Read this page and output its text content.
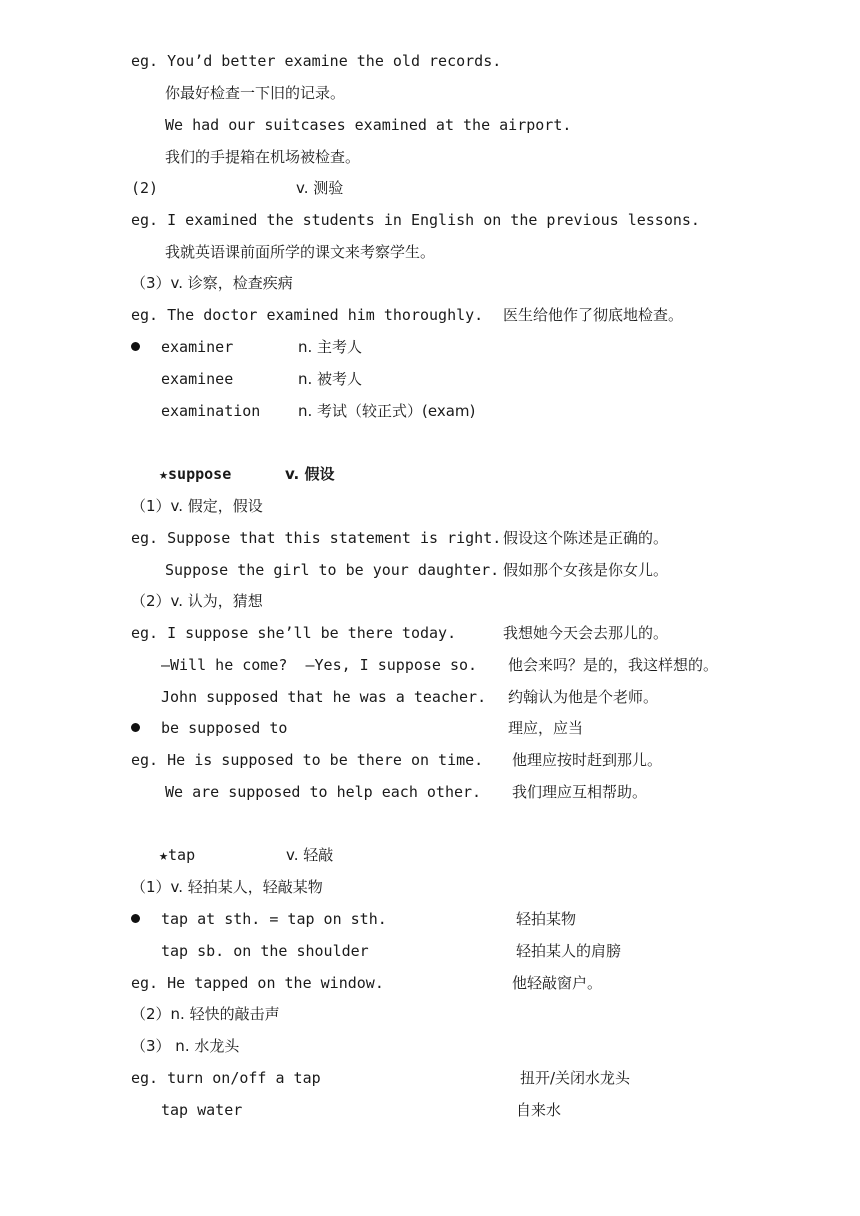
eg. You’d better examine the old records.
你最好检查一下旧的记录。
We had our suitcases examined at the airport.
我们的手提箱在机场被检查。
(2)	v. 测验
eg. I examined the students in English on the previous lessons.
我就英语课前面所学的课文来考察学生。
（3）v. 诊察，检查疾病
eg. The doctor examined him thoroughly. 医生给他作了彻底地检查。
examiner	n. 主考人
examinee	n. 被考人
examination	n. 考试（较正式）(exam)
★suppose	v. 假设
（1）v. 假定，假设
eg. Suppose that this statement is right. 假设这个陈述是正确的。
Suppose the girl to be your daughter. 假如那个女孩是你女儿。
（2）v. 认为，猜想
eg. I suppose she’ll be there today.	我想她今天会去那儿的。
—Will he come?  —Yes, I suppose so. 他会来吗？是的，我这样想的。
John supposed that he was a teacher. 约翰认为他是个老师。
be supposed to	理应，应当
eg. He is supposed to be there on time. 他理应按时赶到那儿。
We are supposed to help each other. 我们理应互相帮助。
★tap	v. 轻敲
（1）v. 轻拍某人，轻敲某物
tap at sth. = tap on sth.	轻拍某物
tap sb. on the shoulder	轻拍某人的肩膀
eg. He tapped on the window.	他轻敲窗户。
（2）n. 轻快的敲击声
（3） n. 水龙头
eg. turn on/off a tap	扭开/关闭水龙头
tap water	自来水
